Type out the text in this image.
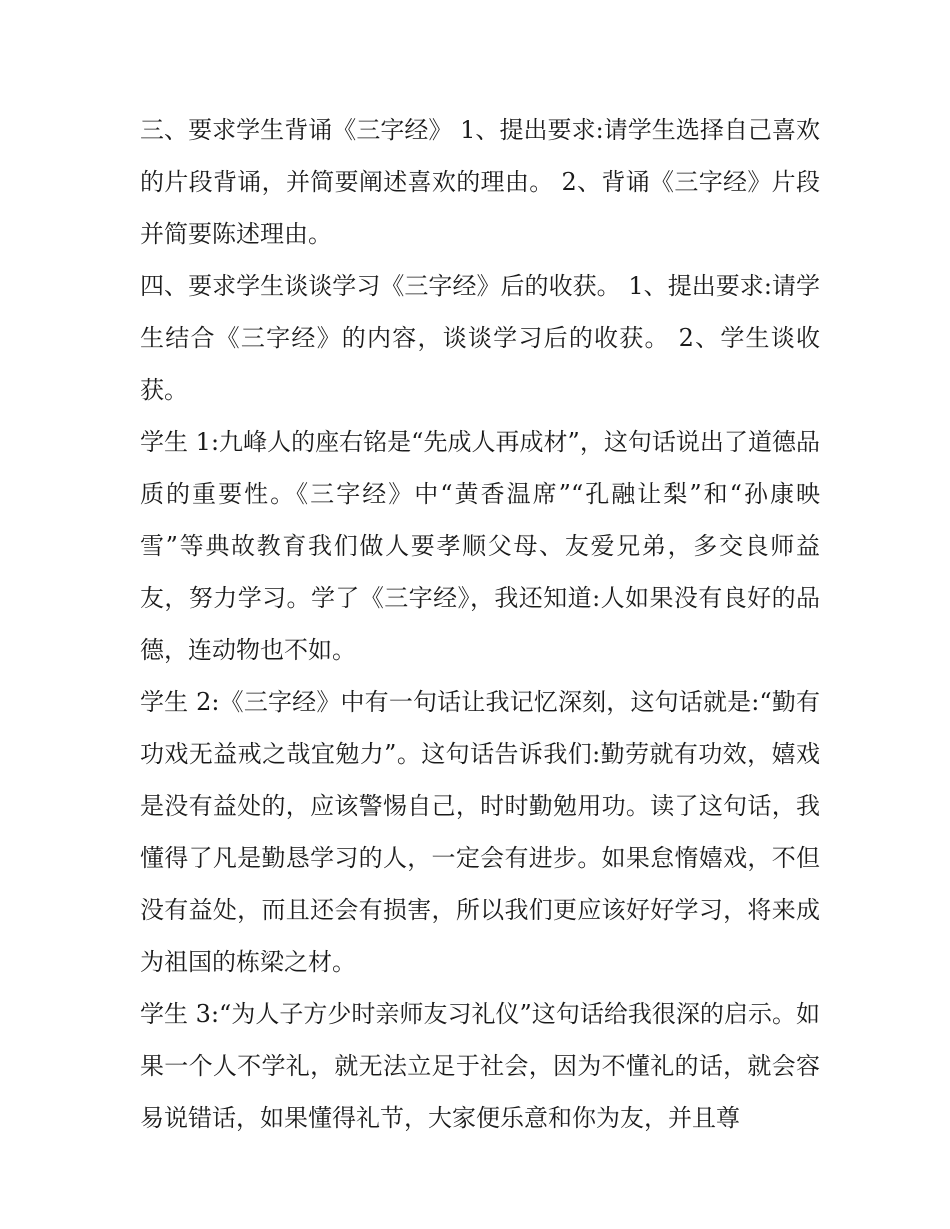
三、要求学生背诵《三字经》 1、提出要求:请学生选择自己喜欢的片段背诵，并简要阐述喜欢的理由。 2、背诵《三字经》片段并简要陈述理由。

四、要求学生谈谈学习《三字经》后的收获。 1、提出要求:请学生结合《三字经》的内容，谈谈学习后的收获。 2、学生谈收获。

学生 1:九峰人的座右铭是“先成人再成材”，这句话说出了道德品质的重要性。《三字经》中“黄香温席”“孔融让梨”和“孙康映雪”等典故教育我们做人要孝顺父母、友爱兄弟，多交良师益友，努力学习。学了《三字经》，我还知道:人如果没有良好的品德，连动物也不如。

学生 2:《三字经》中有一句话让我记忆深刻，这句话就是:“勤有功戏无益戒之哉宜勉力”。这句话告诉我们:勤劳就有功效，嬉戏是没有益处的，应该警惕自己，时时勤勉用功。读了这句话，我懂得了凡是勤恳学习的人，一定会有进步。如果怠惰嬉戏，不但没有益处，而且还会有损害，所以我们更应该好好学习，将来成为祖国的栋梁之材。

学生 3:“为人子方少时亲师友习礼仪”这句话给我很深的启示。如果一个人不学礼，就无法立足于社会，因为不懂礼的话，就会容易说错话，如果懂得礼节，大家便乐意和你为友，并且尊
